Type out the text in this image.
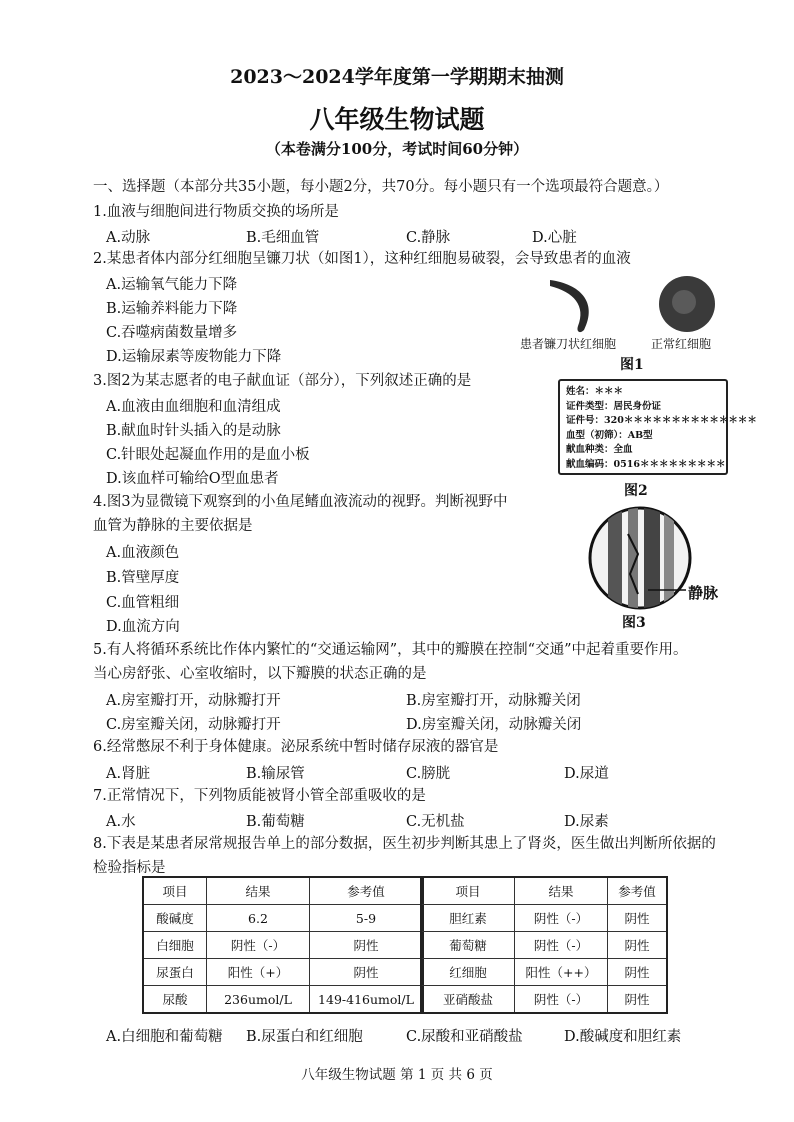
2023～2024学年度第一学期期末抽测
八年级生物试题
（本卷满分100分，考试时间60分钟）
一、选择题（本部分共35小题，每小题2分，共70分。每小题只有一个选项最符合题意。）
1.血液与细胞间进行物质交换的场所是
A.动脉	B.毛细血管	C.静脉	D.心脏
2.某患者体内部分红细胞呈镰刀状（如图1），这种红细胞易破裂，会导致患者的血液
A.运输氧气能力下降
B.运输养料能力下降
C.吞噬病菌数量增多
D.运输尿素等废物能力下降
患者镰刀状红细胞	正常红细胞
图1
3.图2为某志愿者的电子献血证（部分），下列叙述正确的是
A.血液由血细胞和血清组成
B.献血时针头插入的是动脉
C.针眼处起凝血作用的是血小板
D.该血样可输给O型血患者
姓名：＊＊＊
证件类型：居民身份证
证件号：320＊＊＊＊＊＊＊＊＊＊＊＊＊＊
血型（初筛）：AB型
献血种类：全血
献血编码：0516＊＊＊＊＊＊＊＊＊
图2
4.图3为显微镜下观察到的小鱼尾鳍血液流动的视野。判断视野中
血管为静脉的主要依据是
A.血液颜色
B.管壁厚度
C.血管粗细
D.血流方向
静脉
图3
5.有人将循环系统比作体内繁忙的“交通运输网”，其中的瓣膜在控制“交通”中起着重要作用。
当心房舒张、心室收缩时，以下瓣膜的状态正确的是
A.房室瓣打开，动脉瓣打开	B.房室瓣打开，动脉瓣关闭
C.房室瓣关闭，动脉瓣打开	D.房室瓣关闭，动脉瓣关闭
6.经常憋尿不利于身体健康。泌尿系统中暂时储存尿液的器官是
A.肾脏	B.输尿管	C.膀胱	D.尿道
7.正常情况下，下列物质能被肾小管全部重吸收的是
A.水	B.葡萄糖	C.无机盐	D.尿素
8.下表是某患者尿常规报告单上的部分数据，医生初步判断其患上了肾炎，医生做出判断所依据的
检验指标是
项目	结果	参考值
酸碱度	6.2	5-9
白细胞	阴性（-）	阴性
尿蛋白	阳性（+）	阴性
尿酸	236umol/L	149-416umol/L
项目	结果	参考值
胆红素	阴性（-）	阴性
葡萄糖	阴性（-）	阴性
红细胞	阳性（++）	阴性
亚硝酸盐	阴性（-）	阴性
A.白细胞和葡萄糖 B.尿蛋白和红细胞	C.尿酸和亚硝酸盐	D.酸碱度和胆红素
八年级生物试题 第 1 页 共 6 页
